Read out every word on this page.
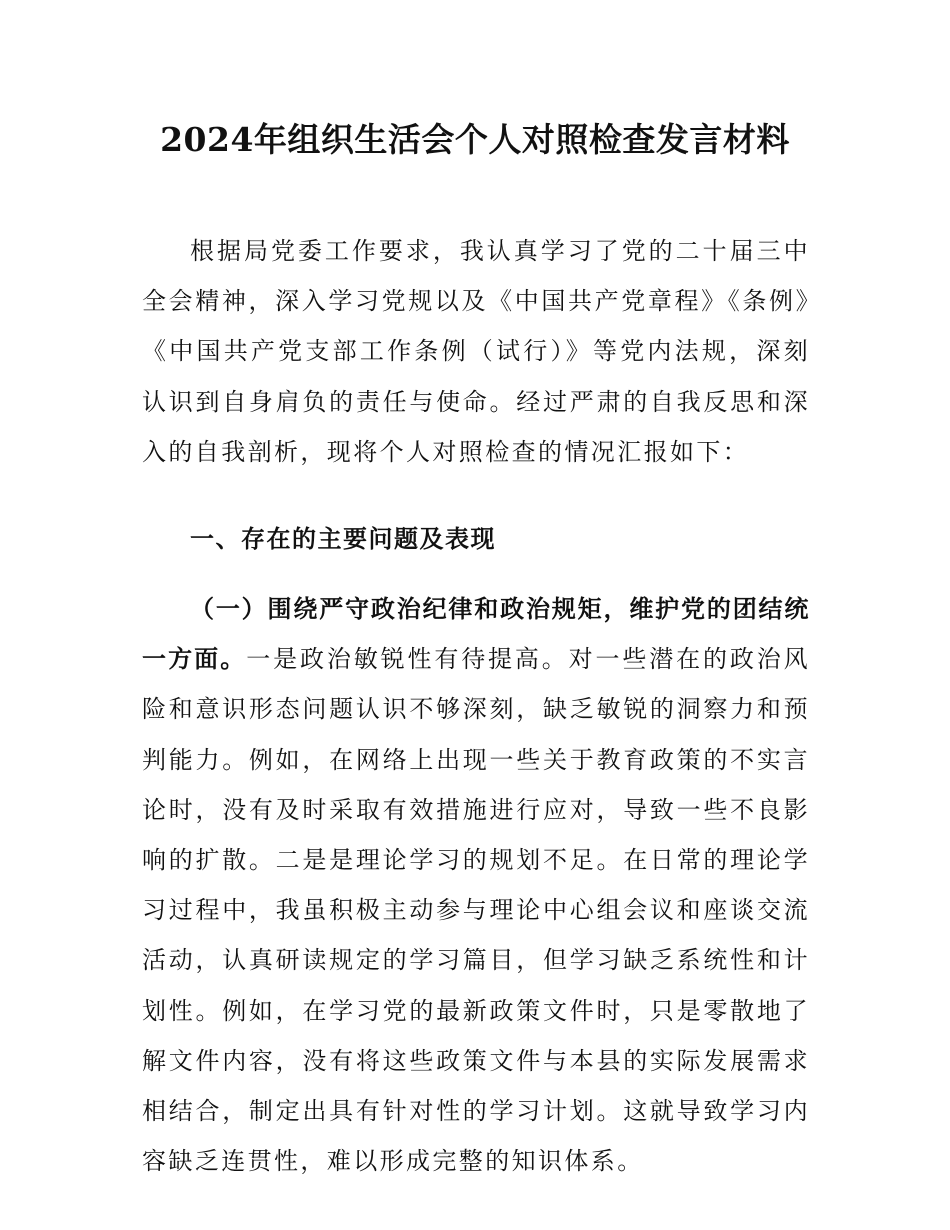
2024年组织生活会个人对照检查发言材料

根据局党委工作要求，我认真学习了党的二十届三中全会精神，深入学习党规以及《中国共产党章程》《条例》《中国共产党支部工作条例（试行）》等党内法规，深刻认识到自身肩负的责任与使命。经过严肃的自我反思和深入的自我剖析，现将个人对照检查的情况汇报如下：

一、存在的主要问题及表现

（一）围绕严守政治纪律和政治规矩，维护党的团结统一方面。一是政治敏锐性有待提高。对一些潜在的政治风险和意识形态问题认识不够深刻，缺乏敏锐的洞察力和预判能力。例如，在网络上出现一些关于教育政策的不实言论时，没有及时采取有效措施进行应对，导致一些不良影响的扩散。二是是理论学习的规划不足。在日常的理论学习过程中，我虽积极主动参与理论中心组会议和座谈交流活动，认真研读规定的学习篇目，但学习缺乏系统性和计划性。例如，在学习党的最新政策文件时，只是零散地了解文件内容，没有将这些政策文件与本县的实际发展需求相结合，制定出具有针对性的学习计划。这就导致学习内容缺乏连贯性，难以形成完整的知识体系。
